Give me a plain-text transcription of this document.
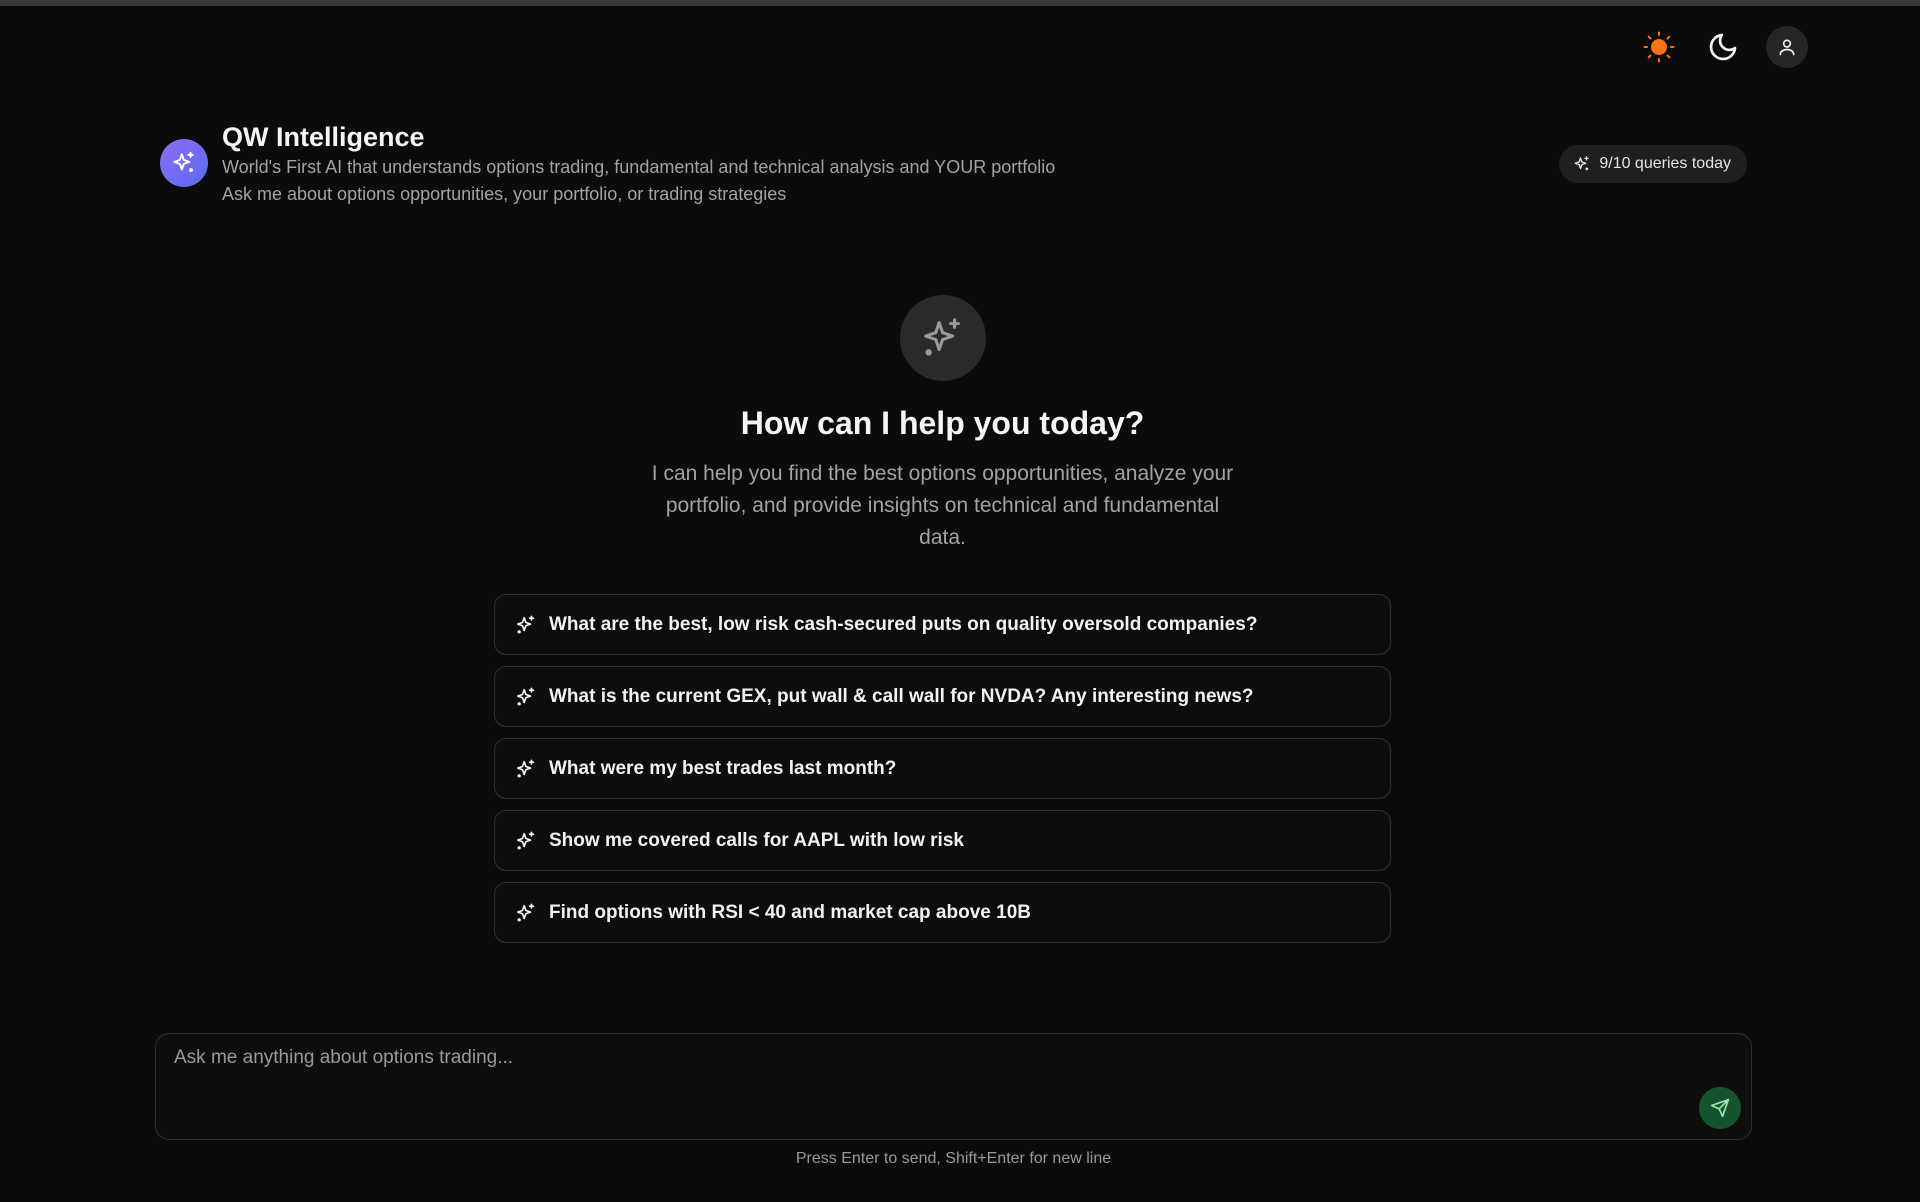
QW Intelligence
World's First AI that understands options trading, fundamental and technical analysis and YOUR portfolio
Ask me about options opportunities, your portfolio, or trading strategies
9/10 queries today
How can I help you today?
I can help you find the best options opportunities, analyze your portfolio, and provide insights on technical and fundamental data.
What are the best, low risk cash-secured puts on quality oversold companies?
What is the current GEX, put wall & call wall for NVDA? Any interesting news?
What were my best trades last month?
Show me covered calls for AAPL with low risk
Find options with RSI < 40 and market cap above 10B
Ask me anything about options trading...
Press Enter to send, Shift+Enter for new line
